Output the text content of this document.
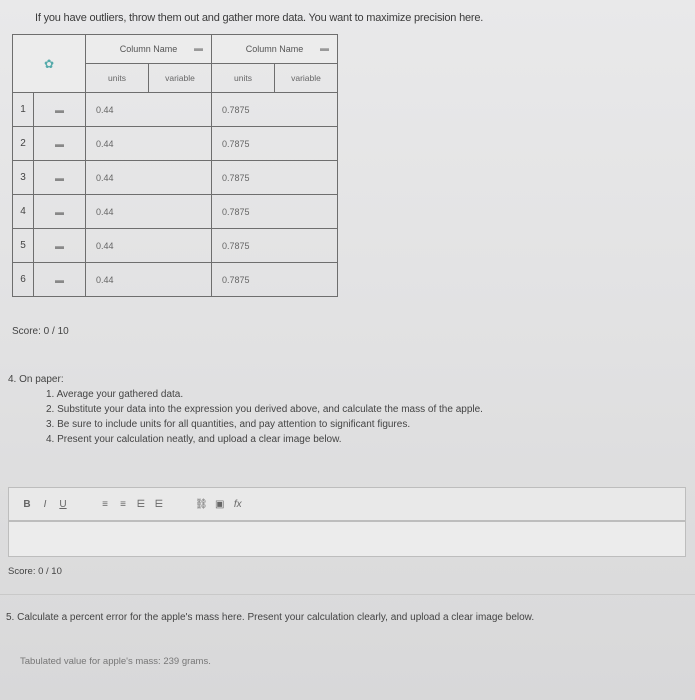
If you have outliers, throw them out and gather more data. You want to maximize precision here.
✿		Column Name ▬		Column Name ▬	

		units	variable	units	variable
1	▬	0.44		0.7875	
2	▬	0.44		0.7875	
3	▬	0.44		0.7875	
4	▬	0.44		0.7875	
5	▬	0.44		0.7875	
6	▬	0.44		0.7875	
Score: 0 / 10
4. On paper:
1. Average your gathered data.
2. Substitute your data into the expression you derived above, and calculate the mass of the apple.
3. Be sure to include units for all quantities, and pay attention to significant figures.
4. Present your calculation neatly, and upload a clear image below.
B	I	U	≡	≡	⋿ ⋿	⛓ ▣ fx
Score: 0 / 10
5. Calculate a percent error for the apple's mass here. Present your calculation clearly, and upload a clear image below.
Tabulated value for apple's mass: 239 grams.
